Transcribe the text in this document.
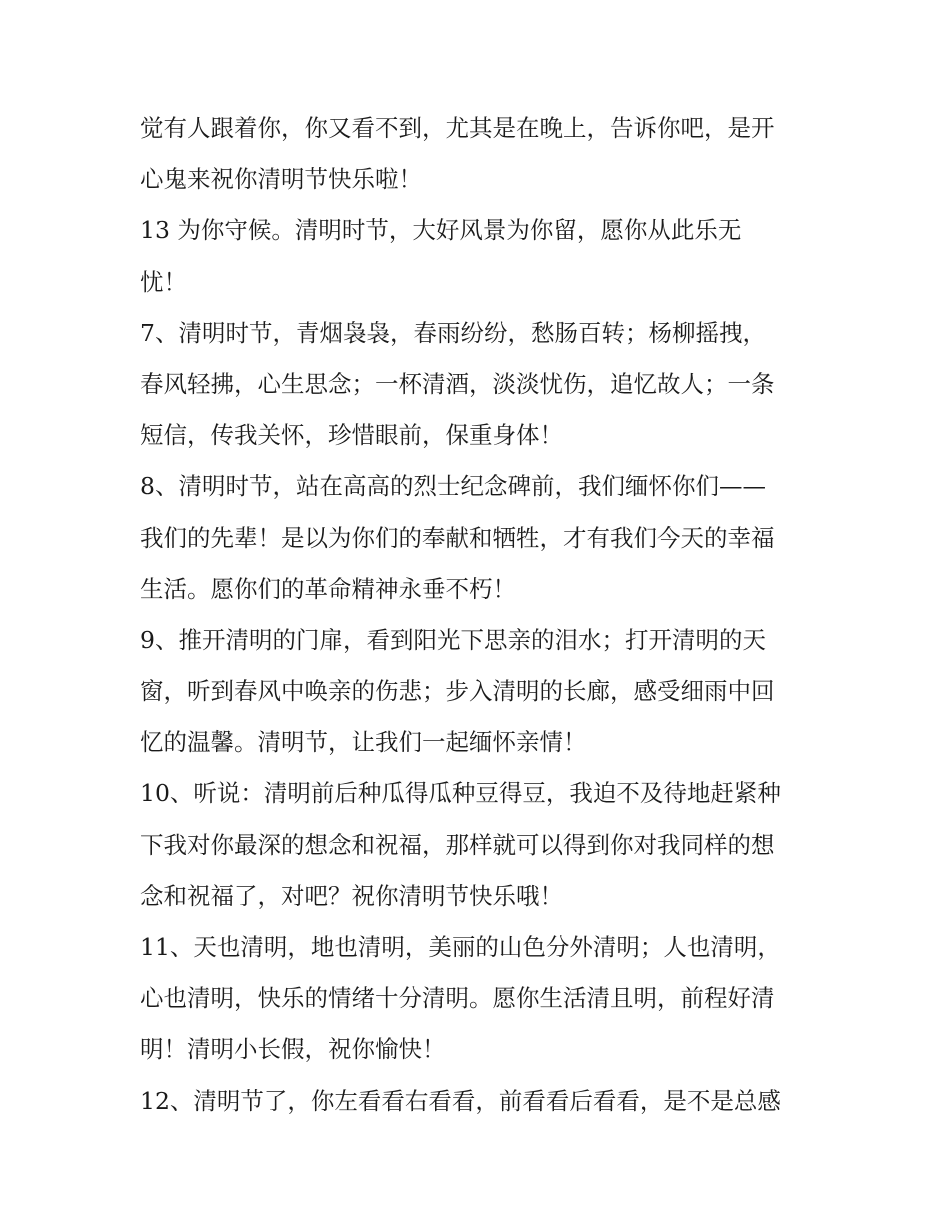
觉有人跟着你，你又看不到，尤其是在晚上，告诉你吧，是开
心鬼来祝你清明节快乐啦！
13 为你守候。清明时节，大好风景为你留，愿你从此乐无
忧！
7、清明时节，青烟袅袅，春雨纷纷，愁肠百转；杨柳摇拽，
春风轻拂，心生思念；一杯清酒，淡淡忧伤，追忆故人；一条
短信，传我关怀，珍惜眼前，保重身体！
8、清明时节，站在高高的烈士纪念碑前，我们缅怀你们——
我们的先辈！是以为你们的奉献和牺牲，才有我们今天的幸福
生活。愿你们的革命精神永垂不朽！
9、推开清明的门扉，看到阳光下思亲的泪水；打开清明的天
窗，听到春风中唤亲的伤悲；步入清明的长廊，感受细雨中回
忆的温馨。清明节，让我们一起缅怀亲情！
10、听说：清明前后种瓜得瓜种豆得豆，我迫不及待地赶紧种
下我对你最深的想念和祝福，那样就可以得到你对我同样的想
念和祝福了，对吧？祝你清明节快乐哦！
11、天也清明，地也清明，美丽的山色分外清明；人也清明，
心也清明，快乐的情绪十分清明。愿你生活清且明，前程好清
明！清明小长假，祝你愉快！
12、清明节了，你左看看右看看，前看看后看看，是不是总感
